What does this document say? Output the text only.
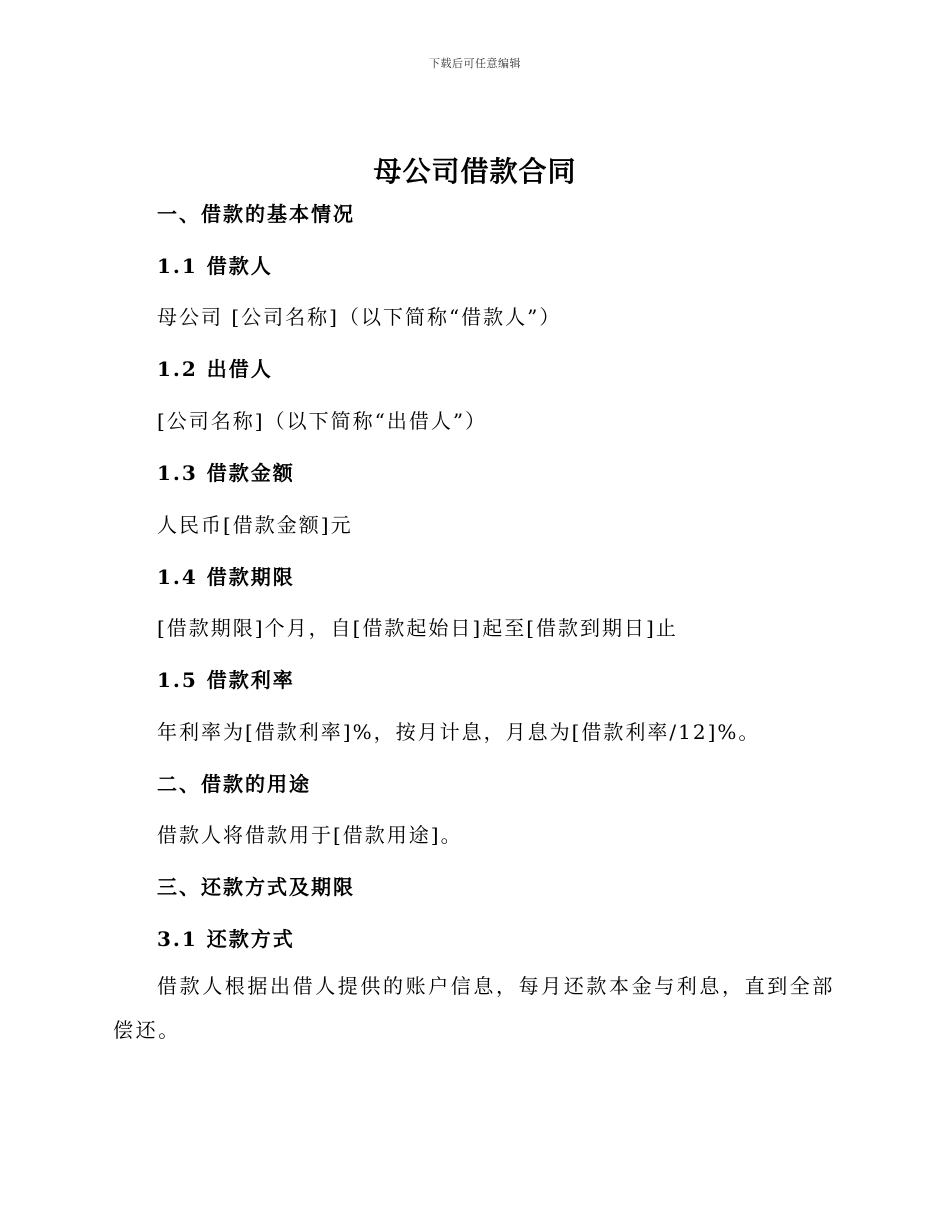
下载后可任意编辑
母公司借款合同
一、借款的基本情况
1.1 借款人

母公司 [公司名称]（以下简称“借款人”）

1.2 出借人

[公司名称]（以下简称“出借人”）

1.3 借款金额

人民币[借款金额]元

1.4 借款期限

[借款期限]个月，自[借款起始日]起至[借款到期日]止

1.5 借款利率

年利率为[借款利率]%，按月计息，月息为[借款利率/12]%。

二、借款的用途

借款人将借款用于[借款用途]。

三、还款方式及期限
3.1 还款方式

借款人根据出借人提供的账户信息，每月还款本金与利息，直到全部偿还。
